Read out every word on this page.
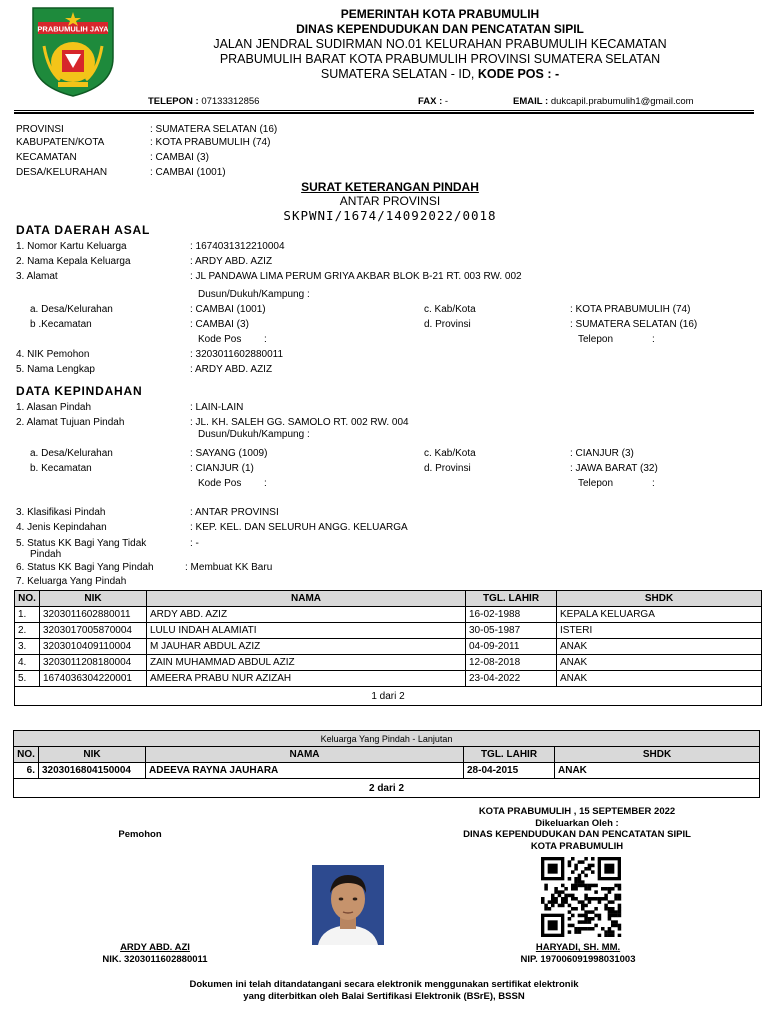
PRABUMULIH JAYA
PEMERINTAH KOTA PRABUMULIH
DINAS KEPENDUDUKAN DAN PENCATATAN SIPIL
JALAN JENDRAL SUDIRMAN NO.01 KELURAHAN PRABUMULIH KECAMATAN
PRABUMULIH BARAT KOTA PRABUMULIH PROVINSI SUMATERA SELATAN
SUMATERA SELATAN - ID, KODE POS : -
TELEPON : 07133312856	FAX : -	EMAIL : dukcapil.prabumulih1@gmail.com
PROVINSI	: SUMATERA SELATAN (16)
KABUPATEN/KOTA	: KOTA PRABUMULIH (74)
KECAMATAN	: CAMBAI (3)
DESA/KELURAHAN	: CAMBAI (1001)
SURAT KETERANGAN PINDAH
ANTAR PROVINSI
SKPWNI/1674/14092022/0018
DATA DAERAH ASAL
1. Nomor Kartu Keluarga	: 1674031312210004
2. Nama Kepala Keluarga	: ARDY ABD. AZIZ
3. Alamat	: JL PANDAWA LIMA PERUM GRIYA AKBAR BLOK B-21 RT. 003 RW. 002
Dusun/Dukuh/Kampung :
a. Desa/Kelurahan	: CAMBAI (1001)	c. Kab/Kota	: KOTA PRABUMULIH (74)
b .Kecamatan	: CAMBAI (3)	d. Provinsi	: SUMATERA SELATAN (16)
Kode Pos :	Telepon	:
4. NIK Pemohon	: 3203011602880011
5. Nama Lengkap	: ARDY ABD. AZIZ
DATA KEPINDAHAN
1. Alasan Pindah	: LAIN-LAIN
2. Alamat Tujuan Pindah	: JL. KH. SALEH GG. SAMOLO RT. 002 RW. 004
Dusun/Dukuh/Kampung :
a. Desa/Kelurahan	: SAYANG (1009)	c. Kab/Kota	: CIANJUR (3)
b. Kecamatan	: CIANJUR (1)	d. Provinsi	: JAWA BARAT (32)
Kode Pos :	Telepon	:
3. Klasifikasi Pindah	: ANTAR PROVINSI
4. Jenis Kepindahan	: KEP. KEL. DAN SELURUH ANGG. KELUARGA
5. Status KK Bagi Yang Tidak
Pindah
: -
6. Status KK Bagi Yang Pindah	: Membuat KK Baru
7. Keluarga Yang Pindah
NO.	NIK	NAMA	TGL. LAHIR	SHDK
1.	3203011602880011	ARDY ABD. AZIZ	16-02-1988	KEPALA KELUARGA
2.	3203017005870004	LULU INDAH ALAMIATI	30-05-1987	ISTERI
3.	3203010409110004	M JAUHAR ABDUL AZIZ	04-09-2011	ANAK
4.	3203011208180004	ZAIN MUHAMMAD ABDUL AZIZ	12-08-2018	ANAK
5.	1674036304220001	AMEERA PRABU NUR AZIZAH	23-04-2022	ANAK
1 dari 2				
Keluarga Yang Pindah - Lanjutan				
NO.	NIK	NAMA	TGL. LAHIR	SHDK
6.	3203016804150004	ADEEVA RAYNA JAUHARA	28-04-2015	ANAK
2 dari 2				
KOTA PRABUMULIH , 15 SEPTEMBER 2022
Dikeluarkan Oleh :
DINAS KEPENDUDUKAN DAN PENCATATAN SIPIL
KOTA PRABUMULIH
Pemohon
ARDY ABD. AZI
NIK. 3203011602880011
HARYADI, SH. MM.
NIP. 197006091998031003
Dokumen ini telah ditandatangani secara elektronik menggunakan sertifikat elektronik
yang diterbitkan oleh Balai Sertifikasi Elektronik (BSrE), BSSN
